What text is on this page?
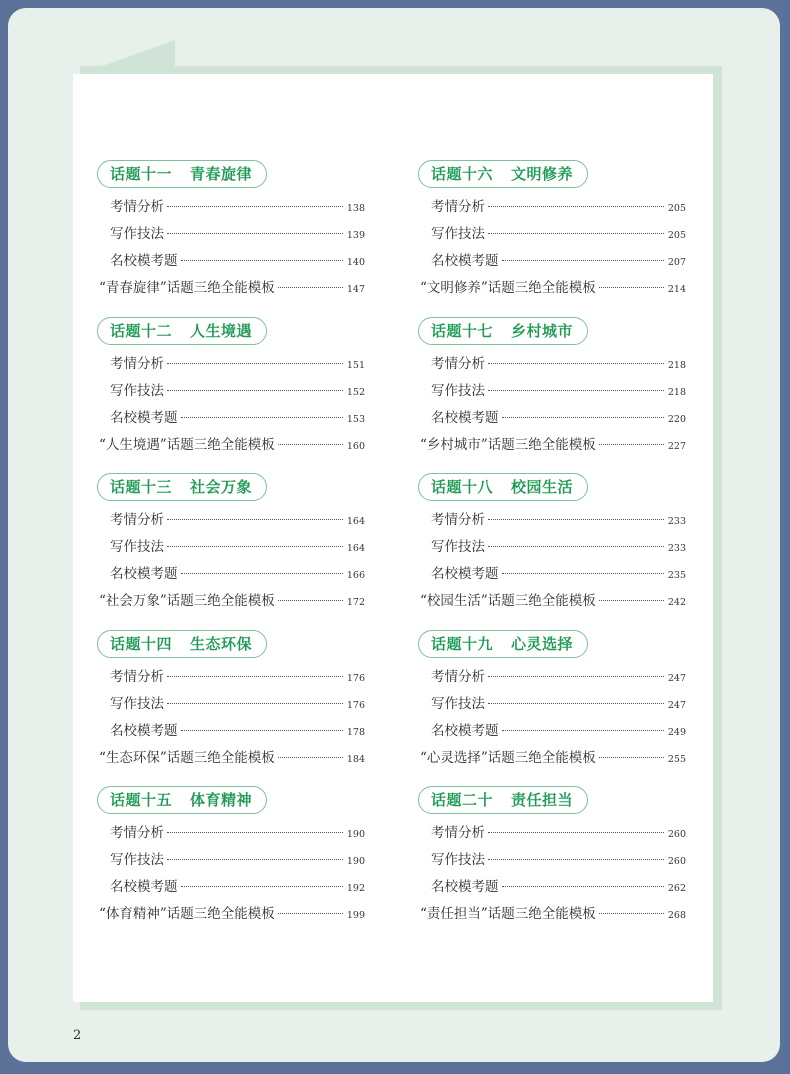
话题十一 青春旋律
考情分析	138
写作技法	139
名校模考题	140
“青春旋律”话题三绝全能模板	147
话题十二 人生境遇
考情分析	151
写作技法	152
名校模考题	153
“人生境遇”话题三绝全能模板	160
话题十三 社会万象
考情分析	164
写作技法	164
名校模考题	166
“社会万象”话题三绝全能模板	172
话题十四 生态环保
考情分析	176
写作技法	176
名校模考题	178
“生态环保”话题三绝全能模板	184
话题十五 体育精神
考情分析	190
写作技法	190
名校模考题	192
“体育精神”话题三绝全能模板	199
话题十六 文明修养
考情分析	205
写作技法	205
名校模考题	207
“文明修养”话题三绝全能模板	214
话题十七 乡村城市
考情分析	218
写作技法	218
名校模考题	220
“乡村城市”话题三绝全能模板	227
话题十八 校园生活
考情分析	233
写作技法	233
名校模考题	235
“校园生活”话题三绝全能模板	242
话题十九 心灵选择
考情分析	247
写作技法	247
名校模考题	249
“心灵选择”话题三绝全能模板	255
话题二十 责任担当
考情分析	260
写作技法	260
名校模考题	262
“责任担当”话题三绝全能模板	268
2
